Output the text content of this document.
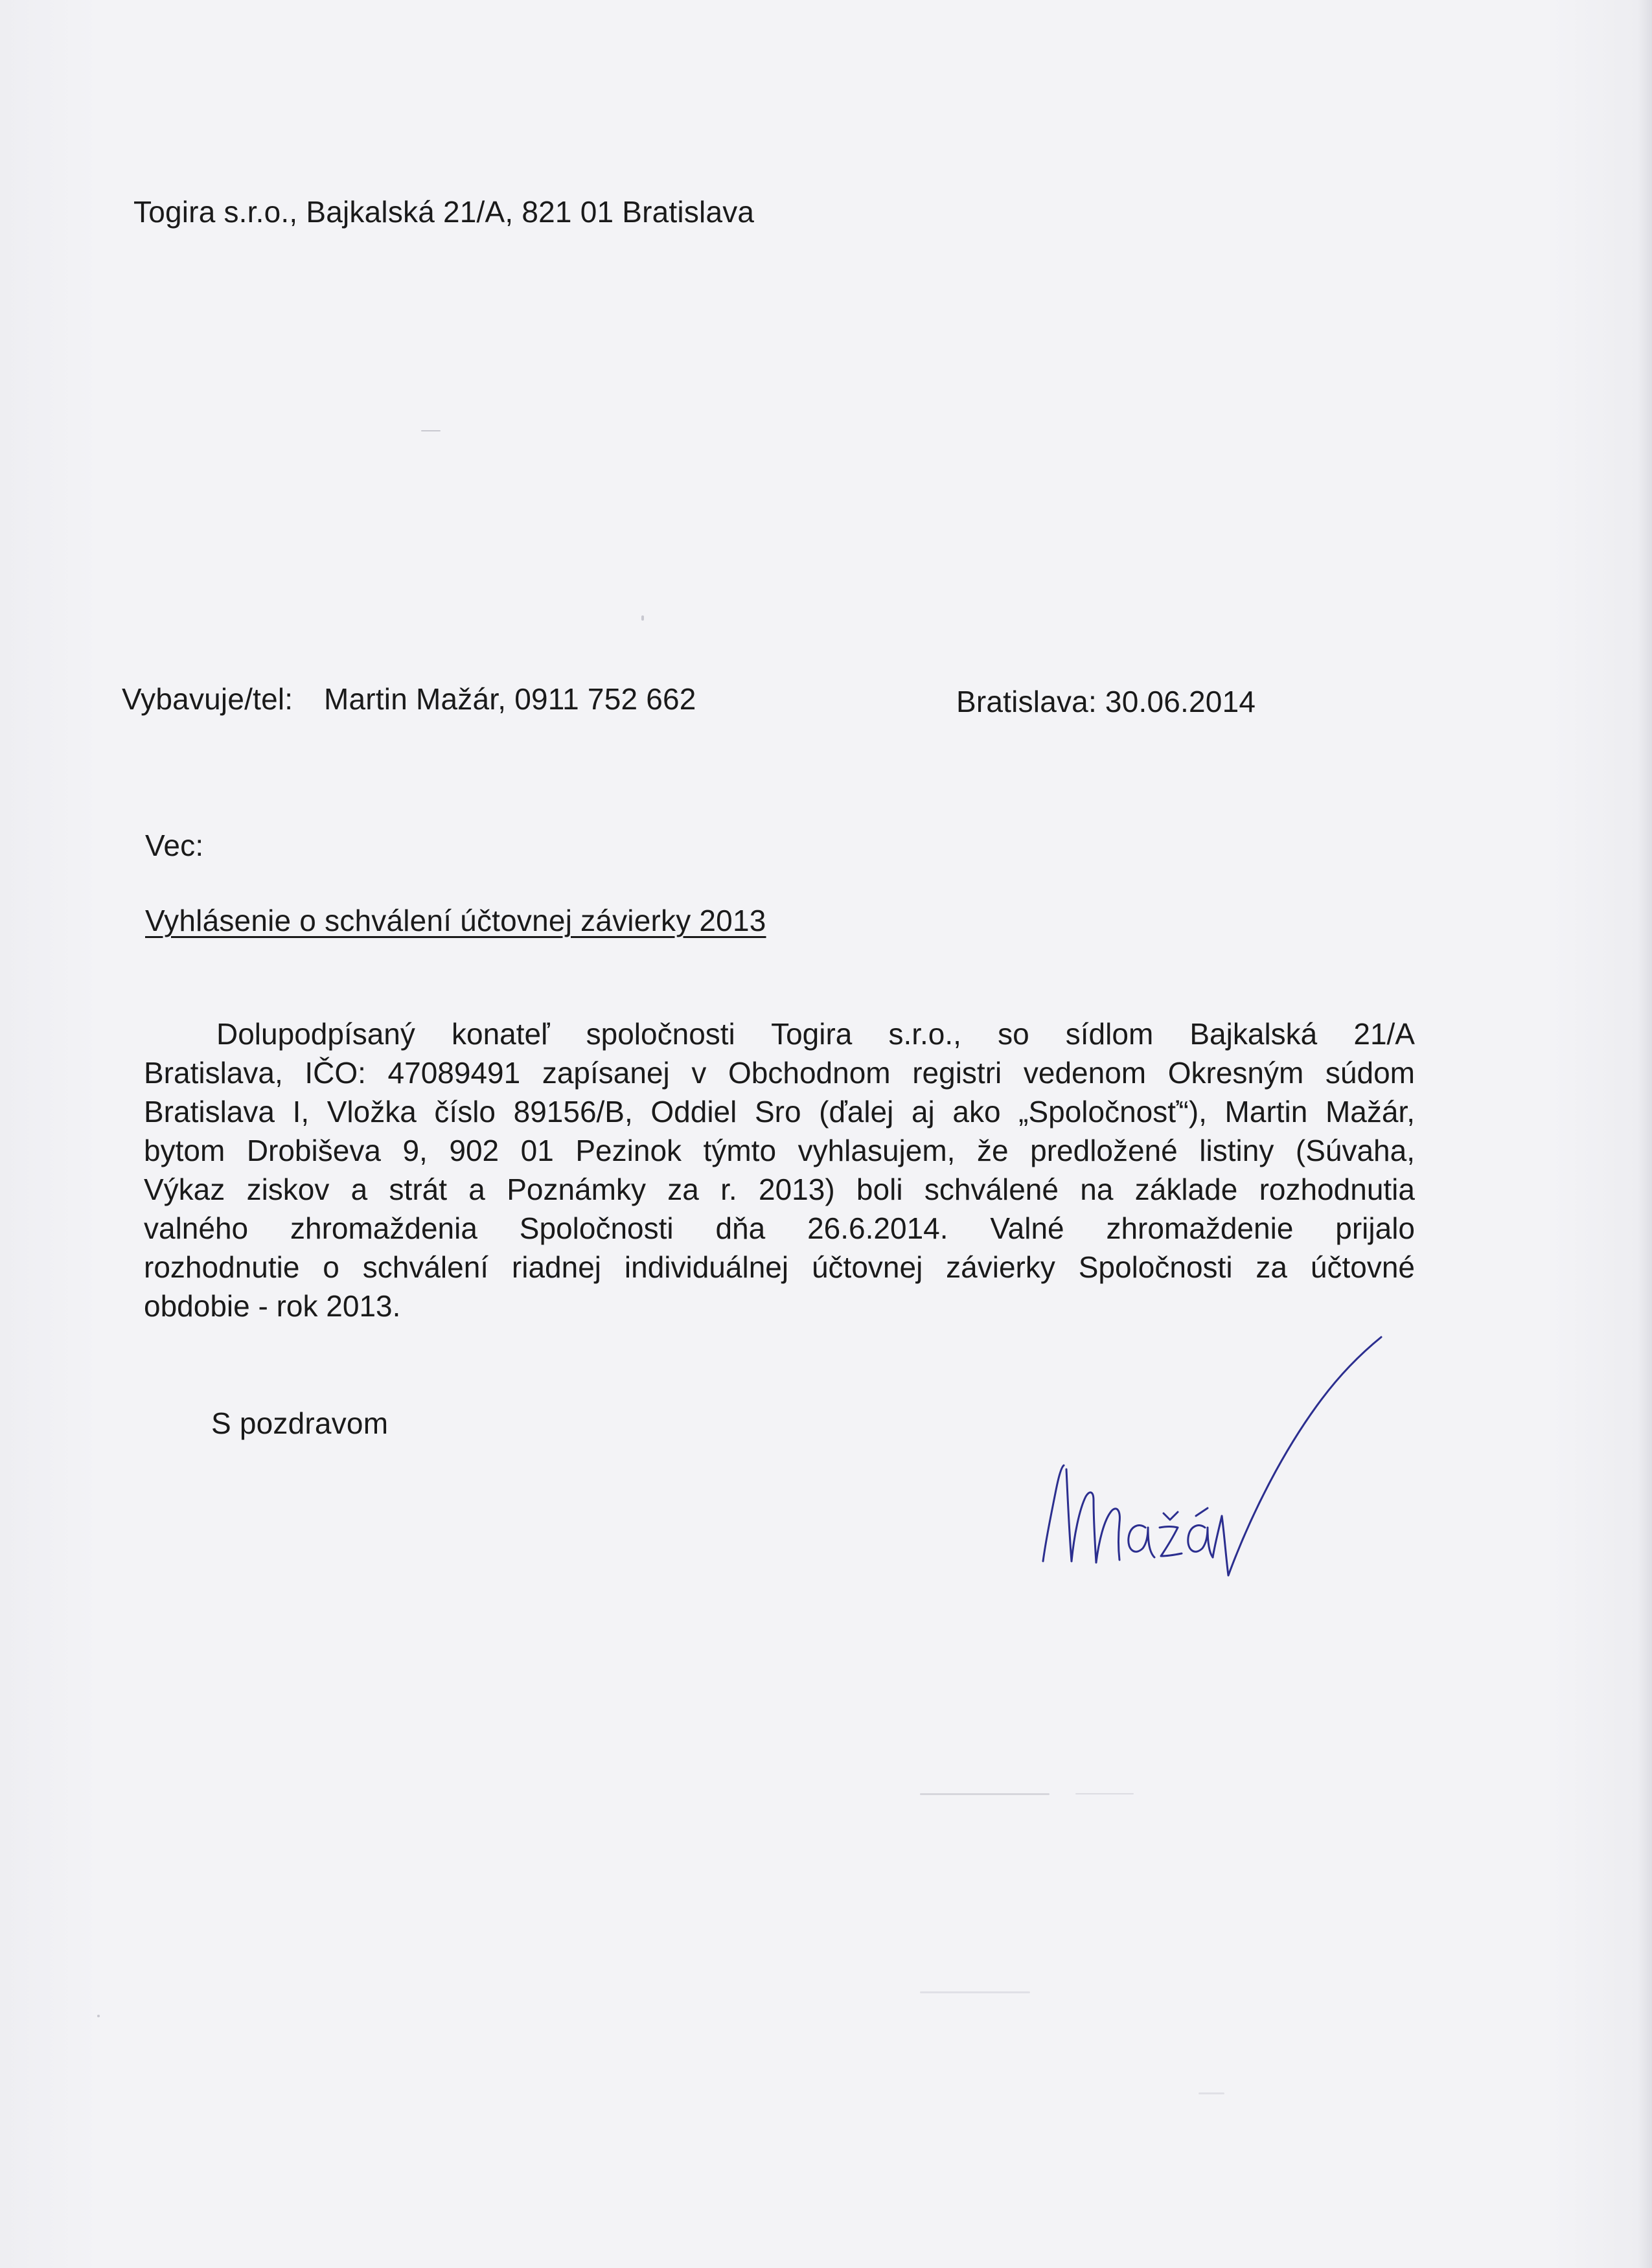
Togira s.r.o., Bajkalská 21/A, 821 01 Bratislava
Vybavuje/tel: Martin Mažár, 0911 752 662	Bratislava: 30.06.2014
Vec:
Vyhlásenie o schválení účtovnej závierky 2013
Dolupodpísaný konateľ spoločnosti Togira s.r.o., so sídlom Bajkalská 21/A
Bratislava, IČO: 47089491 zapísanej v Obchodnom registri vedenom Okresným súdom
Bratislava I, Vložka číslo 89156/B, Oddiel Sro (ďalej aj ako „Spoločnosť“), Martin Mažár,
bytom Drobiševa 9, 902 01 Pezinok týmto vyhlasujem, že predložené listiny (Súvaha,
Výkaz ziskov a strát a Poznámky za r. 2013) boli schválené na základe rozhodnutia
valného zhromaždenia Spoločnosti dňa 26.6.2014. Valné zhromaždenie prijalo
rozhodnutie o schválení riadnej individuálnej účtovnej závierky Spoločnosti za účtovné
obdobie - rok 2013.
S pozdravom
